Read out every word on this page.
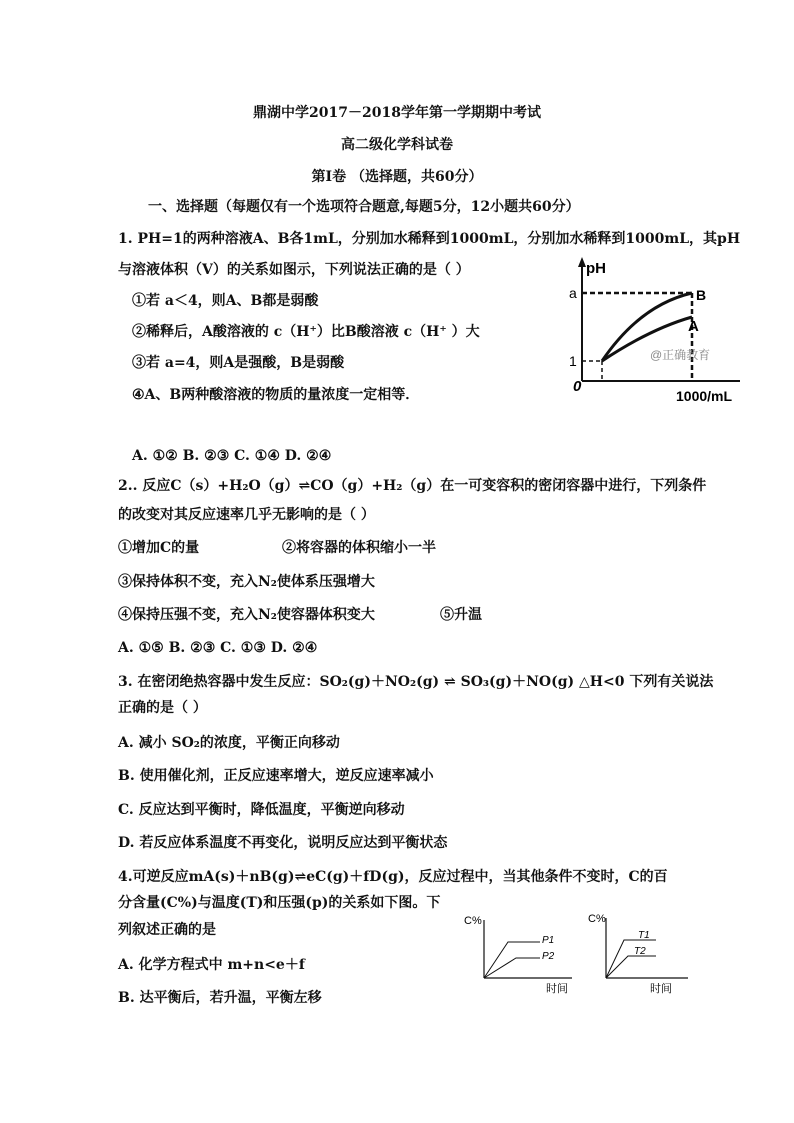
鼎湖中学2017－2018学年第一学期期中考试
高二级化学科试卷
第Ⅰ卷 （选择题，共60分）
一、选择题（每题仅有一个选项符合题意,每题5分，12小题共60分）
1. PH=1的两种溶液A、B各1mL，分别加水稀释到1000mL，分别加水稀释到1000mL，其pH
与溶液体积（V）的关系如图示，下列说法正确的是（ ）
①若 a＜4，则A、B都是弱酸
②稀释后，A酸溶液的 c（H⁺）比B酸溶液 c（H⁺ ）大
③若 a=4，则A是强酸，B是弱酸
④A、B两种酸溶液的物质的量浓度一定相等．
A. ①② B. ②③ C. ①④ D. ②④
pH
a
1
0
B
A
@正确教育
1000/mL
2.. 反应C（s）+H₂O（g）⇌CO（g）+H₂（g）在一可变容积的密闭容器中进行，下列条件
的改变对其反应速率几乎无影响的是（ ）
①增加C的量	②将容器的体积缩小一半
③保持体积不变，充入N₂使体系压强增大
④保持压强不变，充入N₂使容器体积变大	⑤升温
A. ①⑤ B. ②③ C. ①③ D. ②④
3. 在密闭绝热容器中发生反应：SO₂(g)＋NO₂(g) ⇌ SO₃(g)＋NO(g) △H<0 下列有关说法
正确的是（ ）
A. 减小 SO₂的浓度，平衡正向移动
B. 使用催化剂，正反应速率增大，逆反应速率减小
C. 反应达到平衡时，降低温度，平衡逆向移动
D. 若反应体系温度不再变化，说明反应达到平衡状态
4.可逆反应mA(s)＋nB(g)⇌eC(g)＋fD(g)，反应过程中，当其他条件不变时，C的百
分含量(C%)与温度(T)和压强(p)的关系如下图。下
列叙述正确的是
A. 化学方程式中 m+n<e＋f
B. 达平衡后，若升温，平衡左移
C%
P1
P2
时间
C%
T1
T2
时间
